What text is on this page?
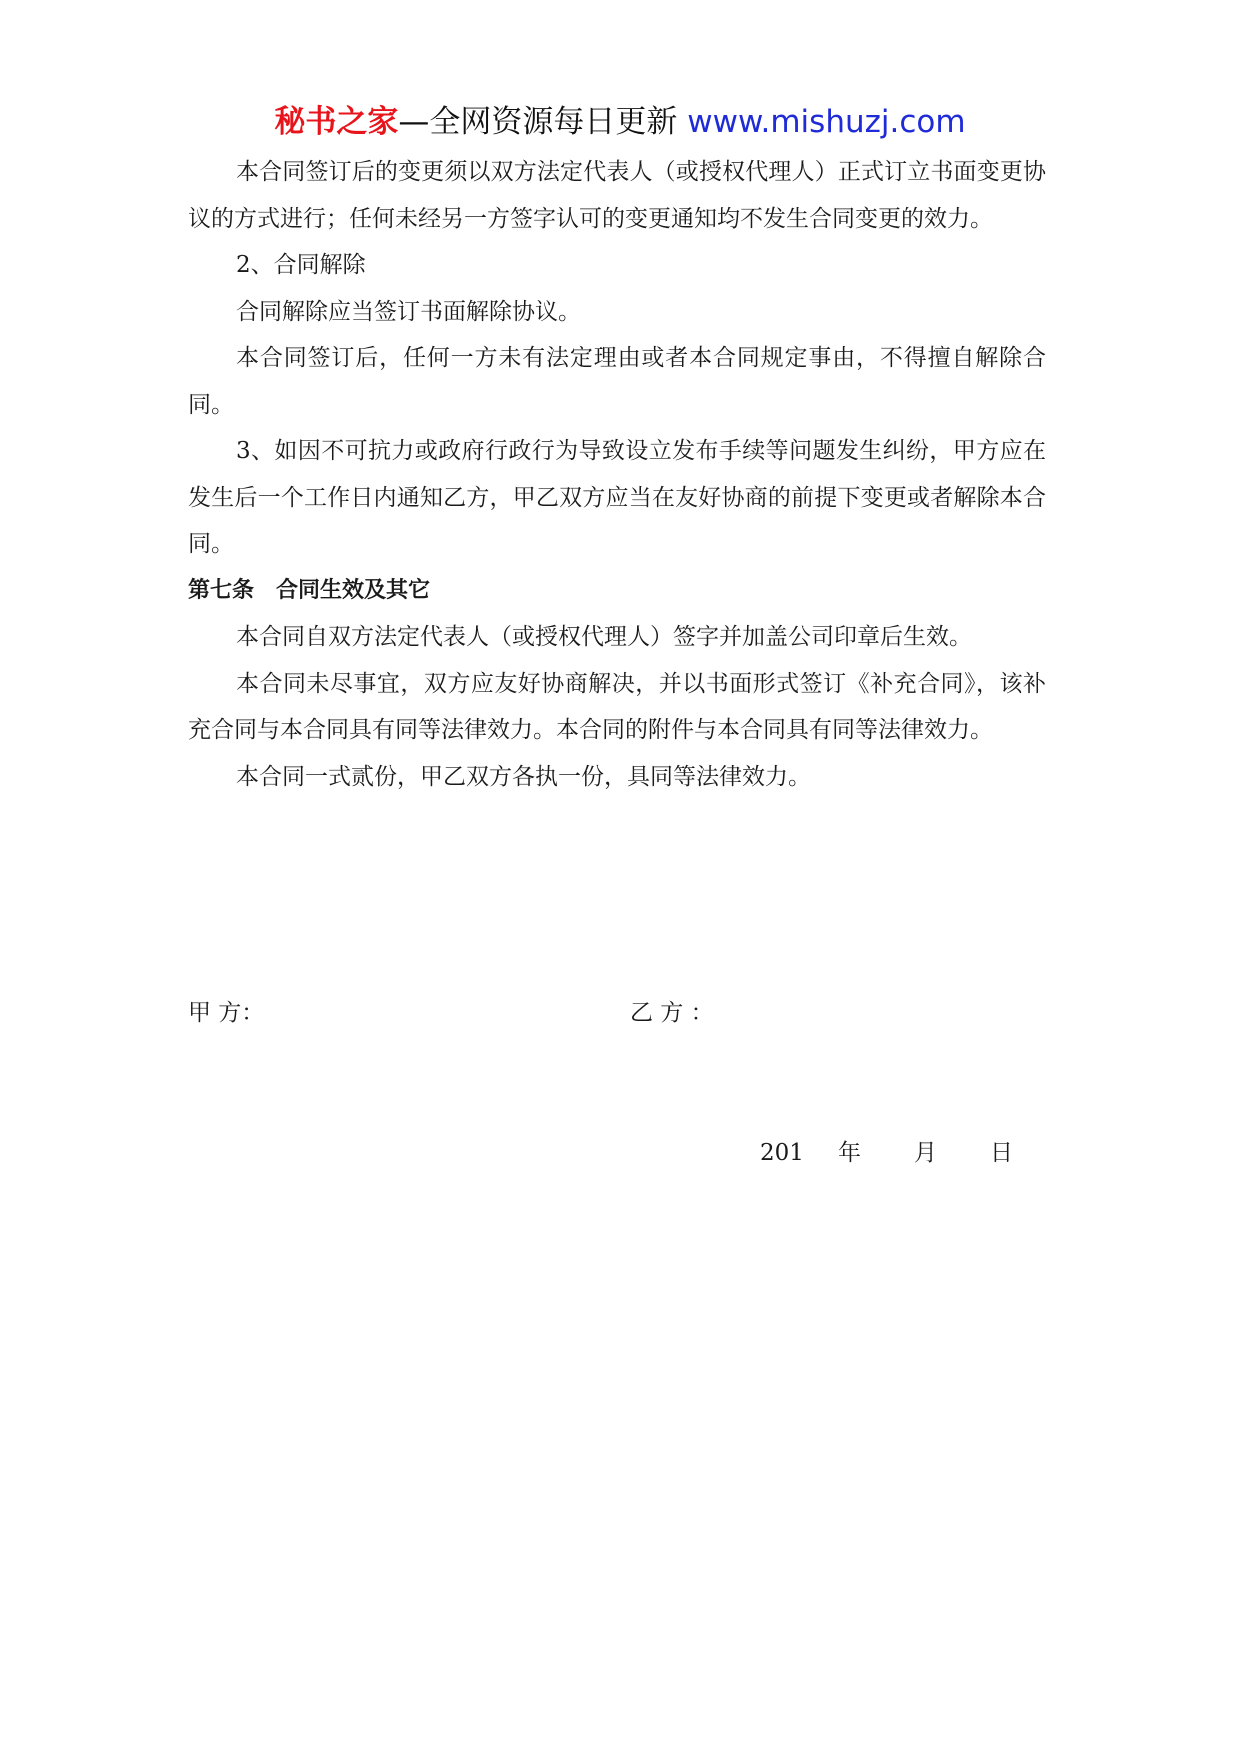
秘书之家—全网资源每日更新 www.mishuzj.com

本合同签订后的变更须以双方法定代表人（或授权代理人）正式订立书面变更协议的方式进行；任何未经另一方签字认可的变更通知均不发生合同变更的效力。

2、合同解除

合同解除应当签订书面解除协议。

本合同签订后，任何一方未有法定理由或者本合同规定事由，不得擅自解除合同。

3、如因不可抗力或政府行政行为导致设立发布手续等问题发生纠纷，甲方应在发生后一个工作日内通知乙方，甲乙双方应当在友好协商的前提下变更或者解除本合同。

第七条　合同生效及其它

本合同自双方法定代表人（或授权代理人）签字并加盖公司印章后生效。

本合同未尽事宜，双方应友好协商解决，并以书面形式签订《补充合同》，该补充合同与本合同具有同等法律效力。本合同的附件与本合同具有同等法律效力。

本合同一式贰份，甲乙双方各执一份，具同等法律效力。

甲 方：	乙 方 ：
201 年 月 日
